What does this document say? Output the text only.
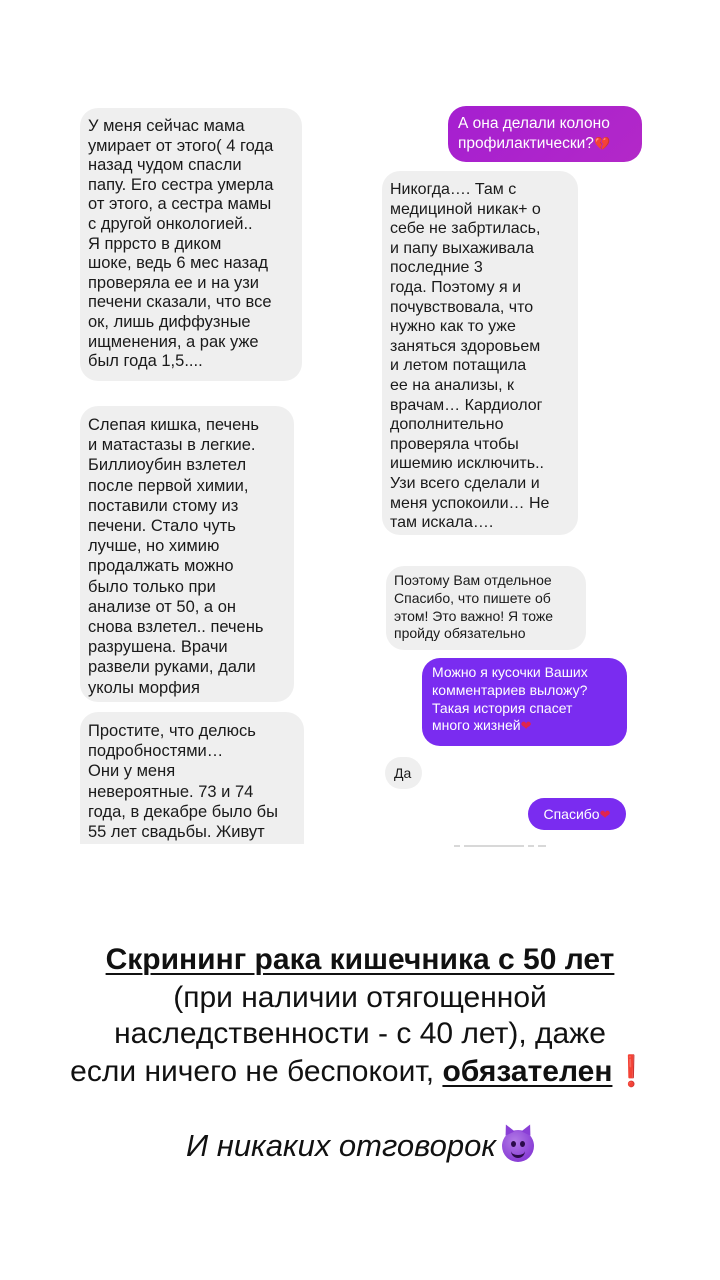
У меня сейчас мама
умирает от этого( 4 года
назад чудом спасли
папу. Его сестра умерла
от этого, а сестра мамы
с другой онкологией..
Я пррсто в диком
шоке, ведь 6 мес назад
проверяла ее и на узи
печени сказали, что все
ок, лишь диффузные
ищменения, а рак уже
был года 1,5....
Слепая кишка, печень
и матастазы в легкие.
Биллиоубин взлетел
после первой химии,
поставили стому из
печени. Стало чуть
лучше, но химию
продалжать можно
было только при
анализе от 50, а он
снова взлетел.. печень
разрушена. Врачи
развели руками, дали
уколы морфия
Простите, что делюсь
подробностями…
Они у меня
невероятные. 73 и 74
года, в декабре было бы
55 лет свадьбы. Живут
А она делали колоно
профилактически?💔
Никогда…. Там с
медициной никак+ о
себе не забртилась,
и папу выхаживала
последние 3
года. Поэтому я и
почувствовала, что
нужно как то уже
заняться здоровьем
и летом потащила
ее на анализы, к
врачам… Кардиолог
дополнительно
проверяла чтобы
ишемию исключить..
Узи всего сделали и
меня успокоили… Не
там искала….
Поэтому Вам отдельное
Спасибо, что пишете об
этом! Это важно! Я тоже
пройду обязательно
Можно я кусочки Ваших
комментариев выложу?
Такая история спасет
много жизней❤
Да
Спасибо❤
Скрининг рака кишечника с 50 лет
(при наличии отягощенной
наследственности - с 40 лет), даже
если ничего не беспокоит, обязателен❗
И никаких отговорок
